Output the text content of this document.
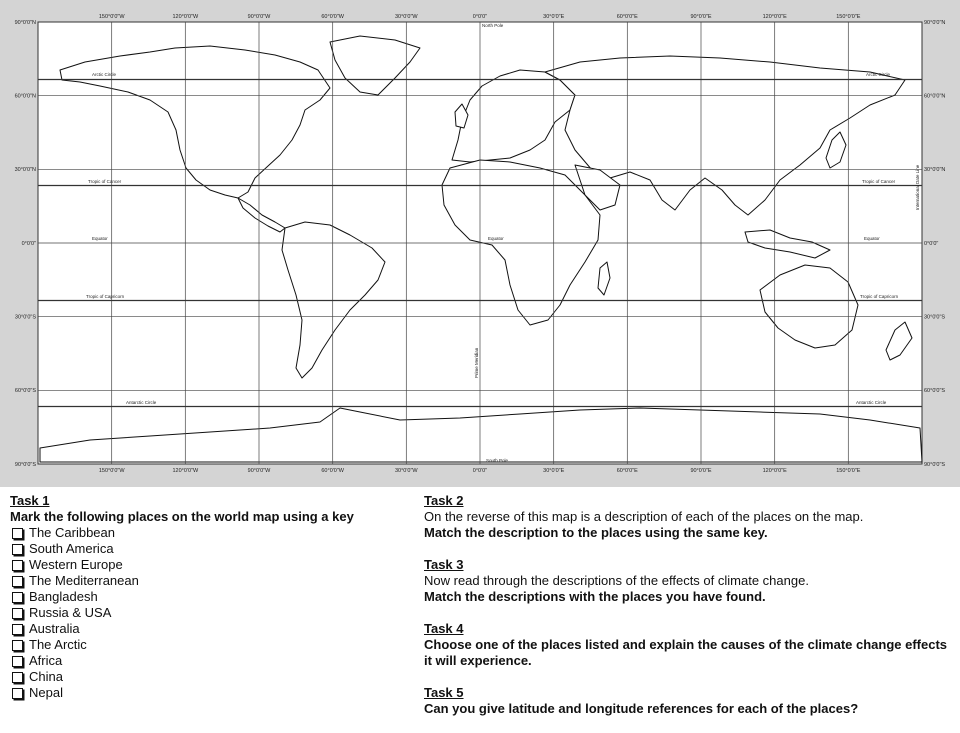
150°0'0"W	120°0'0"W	90°0'0"W	60°0'0"W	30°0'0"W	0°0'0"	30°0'0"E	60°0'0"E	90°0'0"E	120°0'0"E	150°0'0"E
150°0'0"W	120°0'0"W	90°0'0"W	60°0'0"W	30°0'0"W	0°0'0"	30°0'0"E	60°0'0"E	90°0'0"E	120°0'0"E	150°0'0"E
90°0'0"N
60°0'0"N
30°0'0"N
0°0'0"
30°0'0"S
60°0'0"S
90°0'0"S
90°0'0"N
60°0'0"N
30°0'0"N
0°0'0"
30°0'0"S
60°0'0"S
90°0'0"S
North Pole
South Pole
Arctic Circle	Arctic Circle
Tropic of Cancer	Tropic of Cancer
Equator	Equator	Equator
Tropic of Capricorn	Tropic of Capricorn
Antarctic Circle	Antarctic Circle
Prime Meridian
International Date Line
Task 1
Mark the following places on the world map using a key
The Caribbean
South America
Western Europe
The Mediterranean
Bangladesh
Russia & USA
Australia
The Arctic
Africa
China
Nepal
Task 2
On the reverse of this map is a description of each of the places on the map.
Match the description to the places using the same key.
Task 3
Now read through the descriptions of the effects of climate change.
Match the descriptions with the places you have found.
Task 4
Choose one of the places listed and explain the causes of the climate change effects it will experience.
Task 5
Can you give latitude and longitude references for each of the places?
